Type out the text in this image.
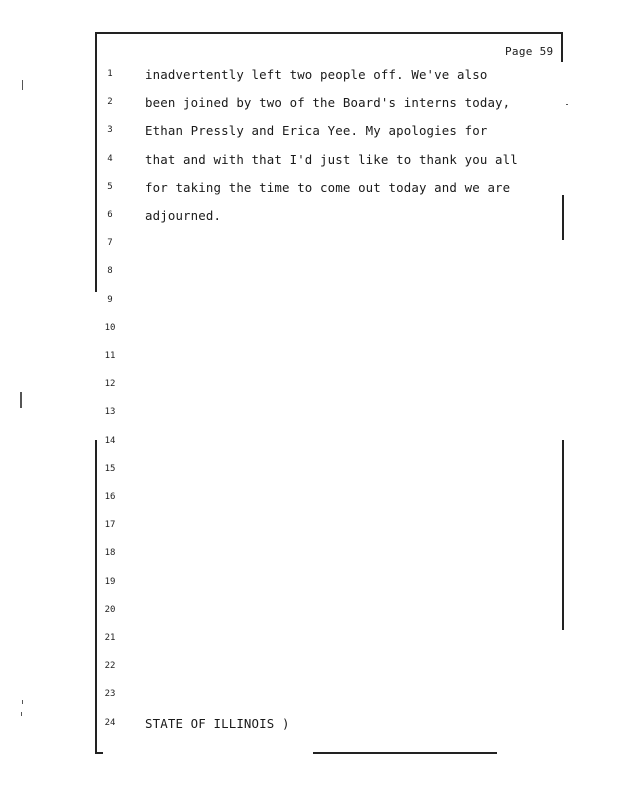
Page 59
1	inadvertently left two people off. We've also
2	been joined by two of the Board's interns today,
3	Ethan Pressly and Erica Yee. My apologies for
4	that and with that I'd just like to thank you all
5	for taking the time to come out today and we are
6	adjourned.
7
8
9
10
11
12
13
14
15
16
17
18
19
20
21
22
23
24	STATE OF ILLINOIS )
